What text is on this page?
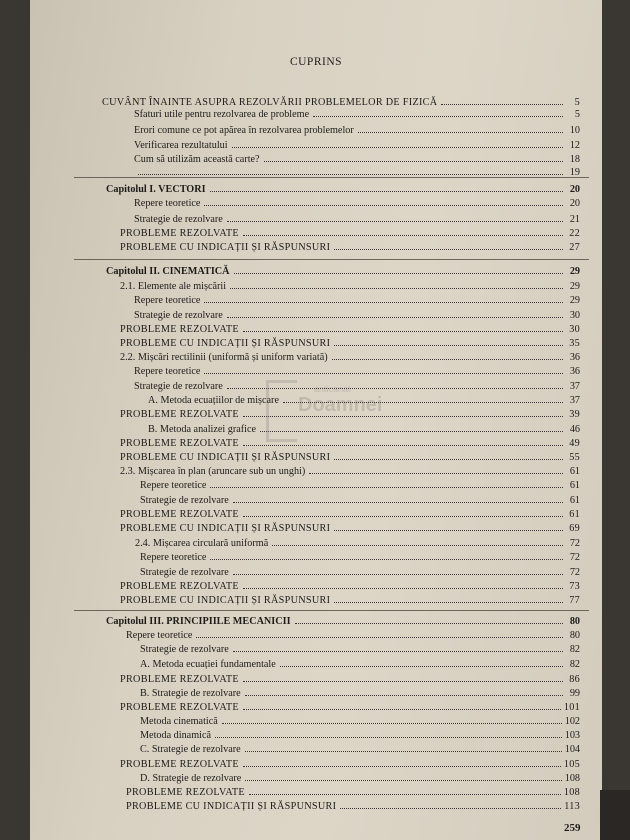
CUPRINS
CUVÂNT ÎNAINTE ASUPRA REZOLVĂRII PROBLEMELOR DE FIZICĂ	5
Sfaturi utile pentru rezolvarea de probleme	5
Erori comune ce pot apărea în rezolvarea problemelor	10
Verificarea rezultatului	12
Cum să utilizăm această carte?	18
19
Capitolul I. VECTORI	20
Repere teoretice	20
Strategie de rezolvare	21
PROBLEME REZOLVATE	22
PROBLEME CU INDICAȚII ȘI RĂSPUNSURI	27
Capitolul II. CINEMATICĂ	29
2.1. Elemente ale mișcării	29
Repere teoretice	29
Strategie de rezolvare	30
PROBLEME REZOLVATE	30
PROBLEME CU INDICAȚII ȘI RĂSPUNSURI	35
2.2. Mișcări rectilinii (uniformă și uniform variată)	36
Repere teoretice	36
Strategie de rezolvare	37
A. Metoda ecuațiilor de mișcare	37
PROBLEME REZOLVATE	39
B. Metoda analizei grafice	46
PROBLEME REZOLVATE	49
PROBLEME CU INDICAȚII ȘI RĂSPUNSURI	55
2.3. Mișcarea în plan (aruncare sub un unghi)	61
Repere teoretice	61
Strategie de rezolvare	61
PROBLEME REZOLVATE	61
PROBLEME CU INDICAȚII ȘI RĂSPUNSURI	69
2.4. Mișcarea circulară uniformă	72
Repere teoretice	72
Strategie de rezolvare	72
PROBLEME REZOLVATE	73
PROBLEME CU INDICAȚII ȘI RĂSPUNSURI	77
Capitolul III. PRINCIPIILE MECANICII	80
Repere teoretice	80
Strategie de rezolvare	82
A. Metoda ecuației fundamentale	82
PROBLEME REZOLVATE	86
B. Strategie de rezolvare	99
PROBLEME REZOLVATE	101
Metoda cinematică	102
Metoda dinamică	103
C. Strategie de rezolvare	104
PROBLEME REZOLVATE	105
D. Strategie de rezolvare	108
PROBLEME REZOLVATE	108
PROBLEME CU INDICAȚII ȘI RĂSPUNSURI	113
anticariat
Doamnei
259
